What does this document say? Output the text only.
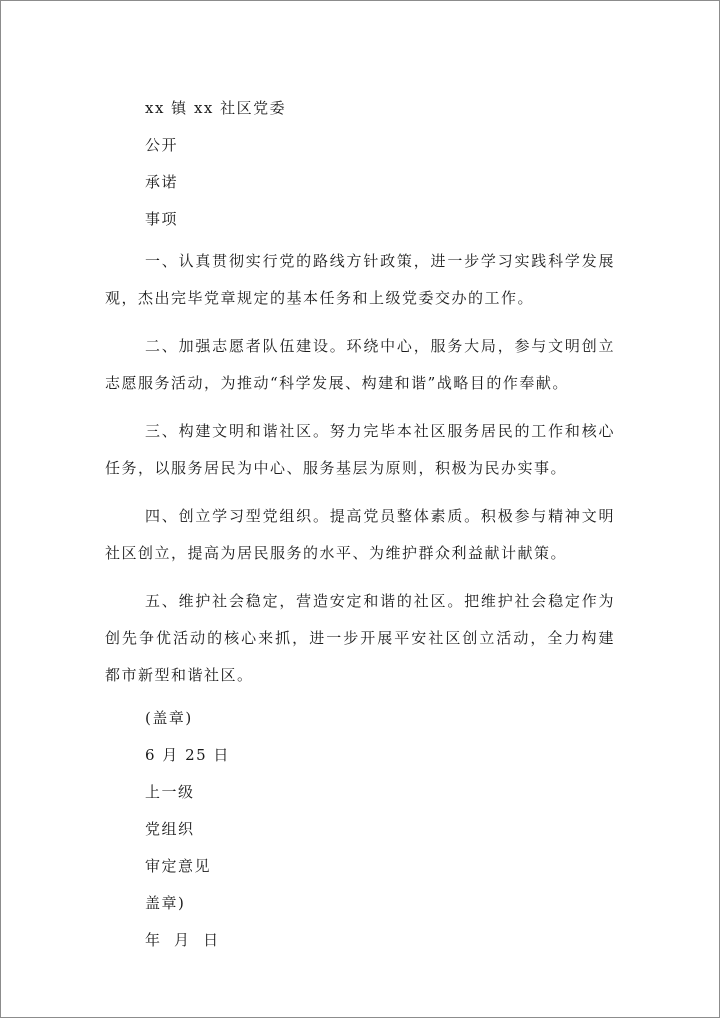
xx 镇 xx 社区党委

公开

承诺

事项

一、认真贯彻实行党的路线方针政策，进一步学习实践科学发展观，杰出完毕党章规定的基本任务和上级党委交办的工作。

二、加强志愿者队伍建设。环绕中心，服务大局，参与文明创立志愿服务活动，为推动“科学发展、构建和谐”战略目的作奉献。

三、构建文明和谐社区。努力完毕本社区服务居民的工作和核心任务，以服务居民为中心、服务基层为原则，积极为民办实事。

四、创立学习型党组织。提高党员整体素质。积极参与精神文明社区创立，提高为居民服务的水平、为维护群众利益献计献策。

五、维护社会稳定，营造安定和谐的社区。把维护社会稳定作为创先争优活动的核心来抓，进一步开展平安社区创立活动，全力构建都市新型和谐社区。

(盖章)

6 月 25 日

上一级

党组织

审定意见

盖章)

年  月  日
